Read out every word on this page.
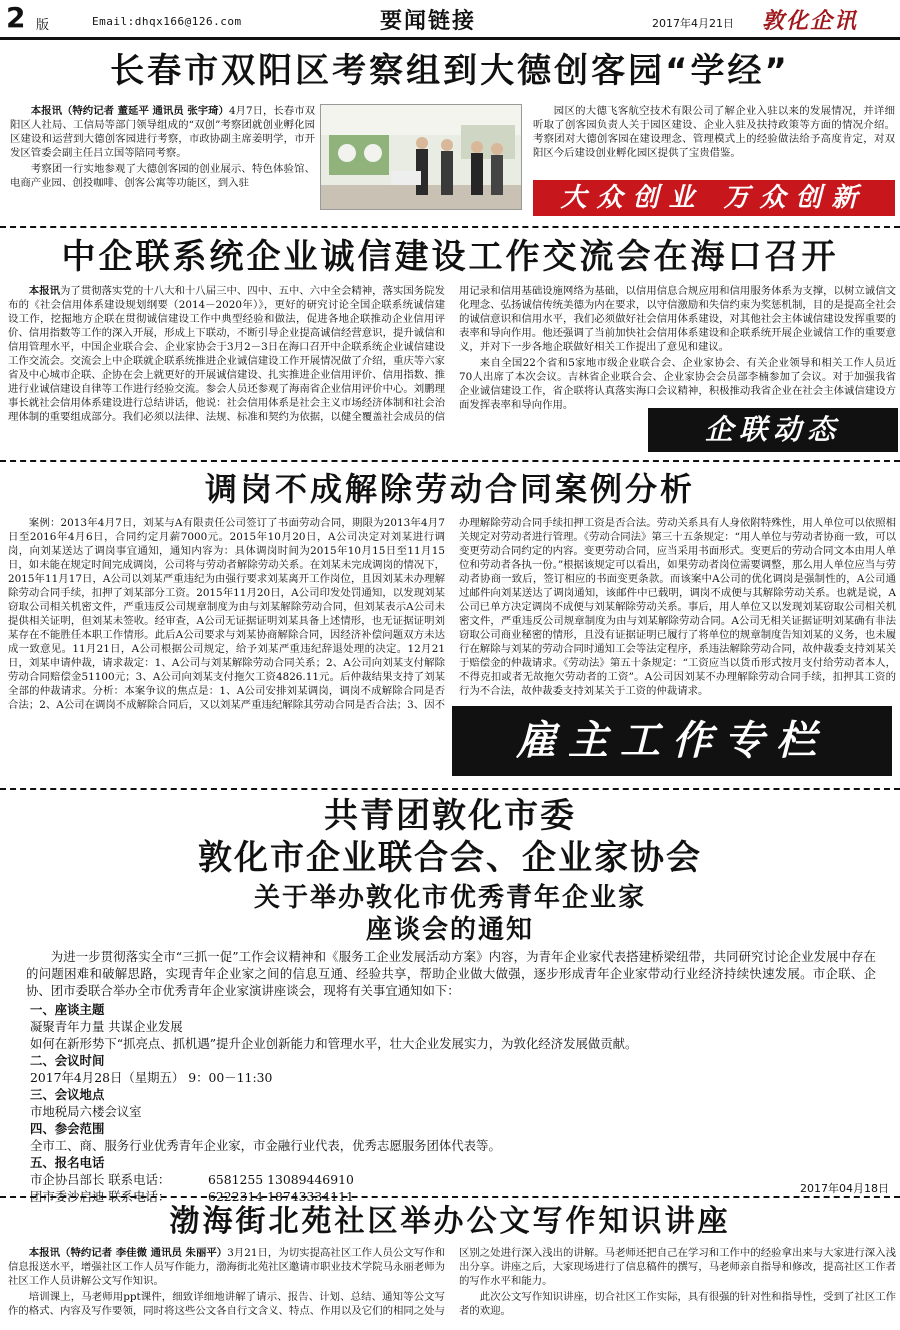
2 版	Email:dhqx166@126.com	要闻链接	2017年4月21日 敦化企讯
长春市双阳区考察组到大德创客园“学经”

本报讯（特约记者 董延平 通讯员 张宇琦）4月7日，长春市双阳区人社局、工信局等部门领导组成的“双创”考察团就创业孵化园区建设和运营到大德创客园进行考察，市政协副主席姜明学，市开发区管委会副主任吕立国等陪同考察。

考察团一行实地参观了大德创客园的创业展示、特色体验馆、电商产业园、创投咖啡、创客公寓等功能区，到入驻

园区的大德飞客航空技术有限公司了解企业入驻以来的发展情况，并详细听取了创客园负责人关于园区建设、企业入驻及扶持政策等方面的情况介绍。考察团对大德创客园在建设理念、管理模式上的经验做法给予高度肯定，对双阳区今后建设创业孵化园区提供了宝贵借鉴。

大众创业 万众创新
中企联系统企业诚信建设工作交流会在海口召开

本报讯为了贯彻落实党的十八大和十八届三中、四中、五中、六中全会精神，落实国务院发布的《社会信用体系建设规划纲要（2014－2020年）》，更好的研究讨论全国企联系统诚信建设工作，挖掘地方企联在贯彻诚信建设工作中典型经验和做法，促进各地企联推动企业信用评价、信用指数等工作的深入开展，形成上下联动，不断引导企业提高诚信经营意识，提升诚信和信用管理水平，中国企业联合会、企业家协会于3月2－3日在海口召开中企联系统企业诚信建设工作交流会。交流会上中企联就企联系统推进企业诚信建设工作开展情况做了介绍，重庆等六家省及中心城市企联、企协在会上就更好的开展诚信建设、扎实推进企业信用评价、信用指数、推进行业诚信建设自律等工作进行经验交流。参会人员还参观了海南省企业信用评价中心。刘鹏理事长就社会信用体系建设进行总结讲话，他说：社会信用体系是社会主义市场经济体制和社会治理体制的重要组成部分。我们必须以法律、法规、标准和契约为依据，以健全覆盖社会成员的信用记录和信用基础设施网络为基础，以信用信息合规应用和信用服务体系为支撑，以树立诚信文化理念、弘扬诚信传统美德为内在要求，以守信激励和失信约束为奖惩机制，目的是提高全社会的诚信意识和信用水平，我们必须做好社会信用体系建设，对其他社会主体诚信建设发挥重要的表率和导向作用。他还强调了当前加快社会信用体系建设和企联系统开展企业诚信工作的重要意义，并对下一步各地企联做好相关工作提出了意见和建议。

来自全国22个省和5家地市级企业联合会、企业家协会、有关企业领导和相关工作人员近70人出席了本次会议。吉林省企业联合会、企业家协会会员部李楠参加了会议。对于加强我省企业诚信建设工作，省企联将认真落实海口会议精神，积极推动我省企业在社会主体诚信建设方面发挥表率和导向作用。

企联动态
调岗不成解除劳动合同案例分析

案例：2013年4月7日，刘某与A有限责任公司签订了书面劳动合同，期限为2013年4月7日至2016年4月6日，合同约定月薪7000元。2015年10月20日，A公司决定对刘某进行调岗，向刘某送达了调岗事宜通知，通知内容为：具体调岗时间为2015年10月15日至11月15日，如未能在规定时间完成调岗，公司将与劳动者解除劳动关系。在刘某未完成调岗的情况下，2015年11月17日，A公司以刘某严重违纪为由强行要求刘某离开工作岗位，且因刘某未办理解除劳动合同手续，扣押了刘某部分工资。2015年11月20日，A公司印发处罚通知，以发现刘某窃取公司相关机密文件，严重违反公司规章制度为由与刘某解除劳动合同，但刘某表示A公司未提供相关证明，但刘某未签收。经审查，A公司无证据证明刘某具备上述情形，也无证据证明刘某存在不能胜任本职工作情形。此后A公司要求与刘某协商解除合同，因经济补偿问题双方未达成一致意见。11月21日，A公司根据公司规定，给予刘某严重违纪辞退处理的决定。12月21日，刘某申请仲裁，请求裁定：1、A公司与刘某解除劳动合同关系；2、A公司向刘某支付解除劳动合同赔偿金51100元；3、A公司向刘某支付拖欠工资4826.11元。后仲裁结果支持了刘某全部的仲裁请求。分析：本案争议的焦点是：1、A公司安排刘某调岗，调岗不成解除合同是否合法；2、A公司在调岗不成解除合同后，又以刘某严重违纪解除其劳动合同是否合法；3、因不办理解除劳动合同手续扣押工资是否合法。劳动关系具有人身依附特殊性，用人单位可以依照相关规定对劳动者进行管理。《劳动合同法》第三十五条规定：“用人单位与劳动者协商一致，可以变更劳动合同约定的内容。变更劳动合同，应当采用书面形式。变更后的劳动合同文本由用人单位和劳动者各执一份。”根据该规定可以看出，如果劳动者岗位需要调整，那么用人单位应当与劳动者协商一致后，签订相应的书面变更条款。而该案中A公司的优化调岗是强制性的，A公司通过邮件向刘某送达了调岗通知，该邮件中已载明，调岗不成便与其解除劳动关系。也就是说，A公司已单方决定调岗不成便与刘某解除劳动关系。事后，用人单位又以发现刘某窃取公司相关机密文件，严重违反公司规章制度为由与刘某解除劳动合同。A公司无相关证据证明刘某确有非法窃取公司商业秘密的情形，且没有证据证明已履行了将单位的规章制度告知刘某的义务，也未履行在解除与刘某的劳动合同时通知工会等法定程序，系违法解除劳动合同，故仲裁委支持刘某关于赔偿金的仲裁请求。《劳动法》第五十条规定：“工资应当以货币形式按月支付给劳动者本人，不得克扣或者无故拖欠劳动者的工资”。A公司因刘某不办理解除劳动合同手续，扣押其工资的行为不合法，故仲裁委支持刘某关于工资的仲裁请求。

雇主工作专栏
共青团敦化市委
敦化市企业联合会、企业家协会
关于举办敦化市优秀青年企业家
座谈会的通知

为进一步贯彻落实全市“三抓一促”工作会议精神和《服务工企业发展活动方案》内容，为青年企业家代表搭建桥梁纽带，共同研究讨论企业发展中存在的问题困难和破解思路，实现青年企业家之间的信息互通、经验共享，帮助企业做大做强，逐步形成青年企业家带动行业经济持续快速发展。市企联、企协、团市委联合举办全市优秀青年企业家演讲座谈会，现将有关事宜通知如下：

一、座谈主题

凝聚青年力量 共谋企业发展

如何在新形势下“抓亮点、抓机遇”提升企业创新能力和管理水平，壮大企业发展实力，为敦化经济发展做贡献。

二、会议时间

2017年4月28日（星期五） 9：00－11:30

三、会议地点

市地税局六楼会议室

四、参会范围

全市工、商、服务行业优秀青年企业家，市金融行业代表，优秀志愿服务团体代表等。

五、报名电话

市企协吕部长 联系电话：	6581255 13089446910

团市委沙启迪 联系电话：	6222314 18743334111

2017年04月18日
渤海街北苑社区举办公文写作知识讲座

本报讯（特约记者 李佳微 通讯员 朱丽平）3月21日，为切实提高社区工作人员公文写作和信息报送水平，增强社区工作人员写作能力，渤海街北苑社区邀请市职业技术学院马永丽老师为社区工作人员讲解公文写作知识。

培训课上，马老师用ppt课件，细致详细地讲解了请示、报告、计划、总结、通知等公文写作的格式、内容及写作要领，同时将这些公文各自行文含义、特点、作用以及它们的相同之处与区别之处进行深入浅出的讲解。马老师还把自己在学习和工作中的经验拿出来与大家进行深入浅出分享。讲座之后，大家现场进行了信息稿件的撰写，马老师亲自指导和修改，提高社区工作者的写作水平和能力。

此次公文写作知识讲座，切合社区工作实际，具有很强的针对性和指导性，受到了社区工作者的欢迎。
